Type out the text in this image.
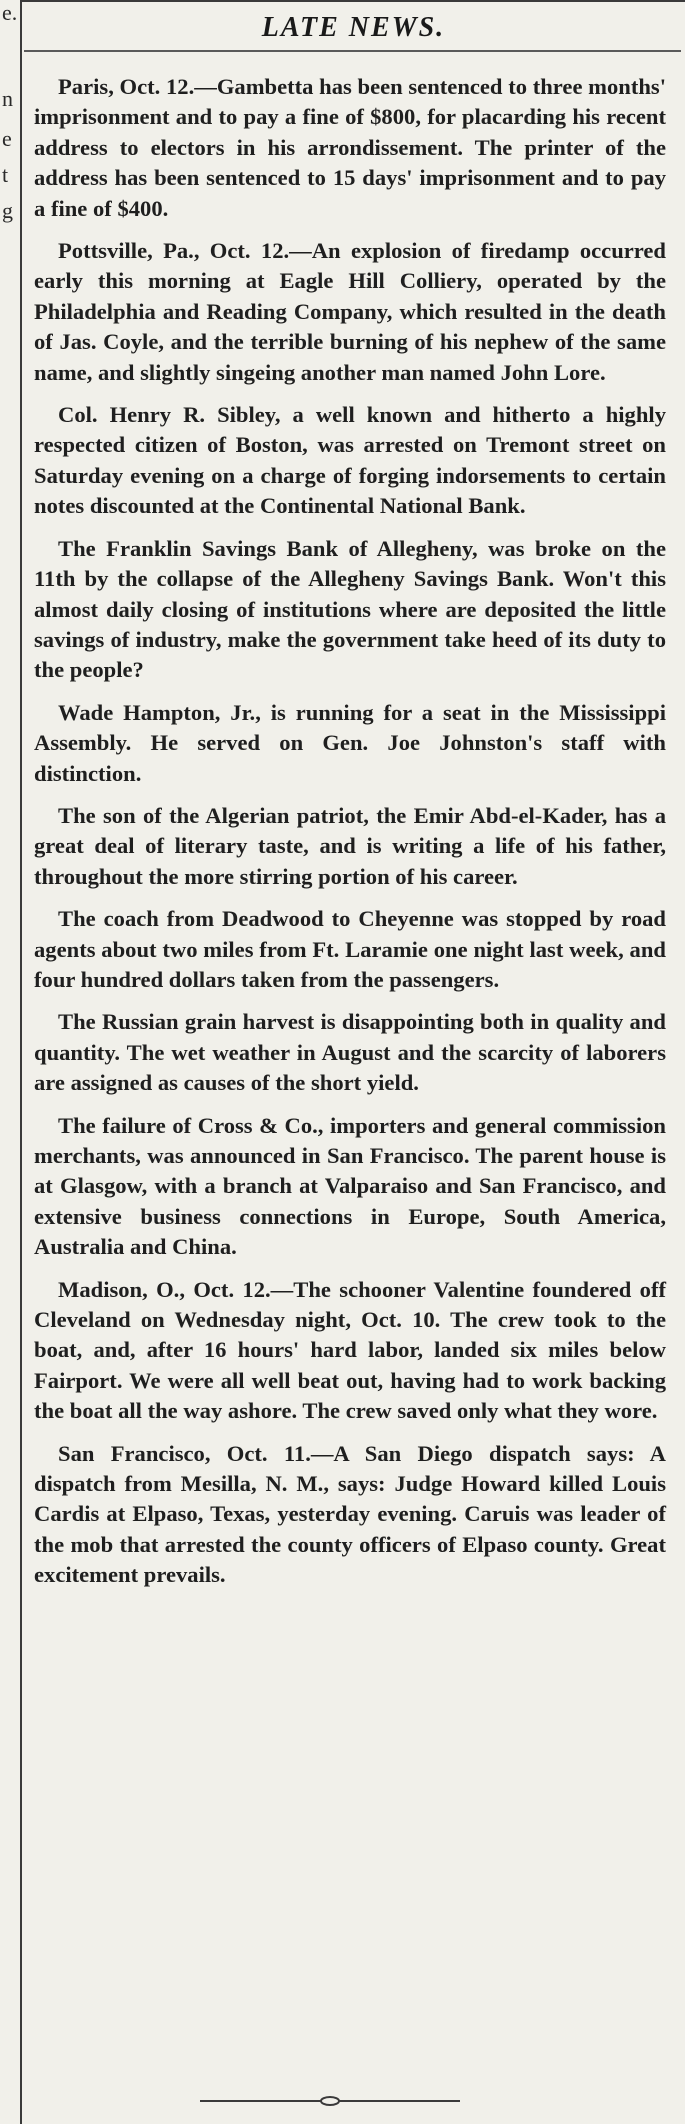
e.
n
e
t
g
LATE NEWS.

Paris, Oct. 12.—Gambetta has been sentenced to three months' imprisonment and to pay a fine of $800, for placarding his recent address to electors in his arrondissement. The printer of the address has been sentenced to 15 days' imprisonment and to pay a fine of $400.

Pottsville, Pa., Oct. 12.—An explosion of firedamp occurred early this morning at Eagle Hill Colliery, operated by the Philadelphia and Reading Company, which resulted in the death of Jas. Coyle, and the terrible burning of his nephew of the same name, and slightly singeing another man named John Lore.

Col. Henry R. Sibley, a well known and hitherto a highly respected citizen of Boston, was arrested on Tremont street on Saturday evening on a charge of forging indorsements to certain notes discounted at the Continental National Bank.

The Franklin Savings Bank of Allegheny, was broke on the 11th by the collapse of the Allegheny Savings Bank. Won't this almost daily closing of institutions where are deposited the little savings of industry, make the government take heed of its duty to the people?

Wade Hampton, Jr., is running for a seat in the Mississippi Assembly. He served on Gen. Joe Johnston's staff with distinction.

The son of the Algerian patriot, the Emir Abd-el-Kader, has a great deal of literary taste, and is writing a life of his father, throughout the more stirring portion of his career.

The coach from Deadwood to Cheyenne was stopped by road agents about two miles from Ft. Laramie one night last week, and four hundred dollars taken from the passengers.

The Russian grain harvest is disappointing both in quality and quantity. The wet weather in August and the scarcity of laborers are assigned as causes of the short yield.

The failure of Cross & Co., importers and general commission merchants, was announced in San Francisco. The parent house is at Glasgow, with a branch at Valparaiso and San Francisco, and extensive business connections in Europe, South America, Australia and China.

Madison, O., Oct. 12.—The schooner Valentine foundered off Cleveland on Wednesday night, Oct. 10. The crew took to the boat, and, after 16 hours' hard labor, landed six miles below Fairport. We were all well beat out, having had to work backing the boat all the way ashore. The crew saved only what they wore.

San Francisco, Oct. 11.—A San Diego dispatch says: A dispatch from Mesilla, N. M., says: Judge Howard killed Louis Cardis at Elpaso, Texas, yesterday evening. Caruis was leader of the mob that arrested the county officers of Elpaso county. Great excitement prevails.
